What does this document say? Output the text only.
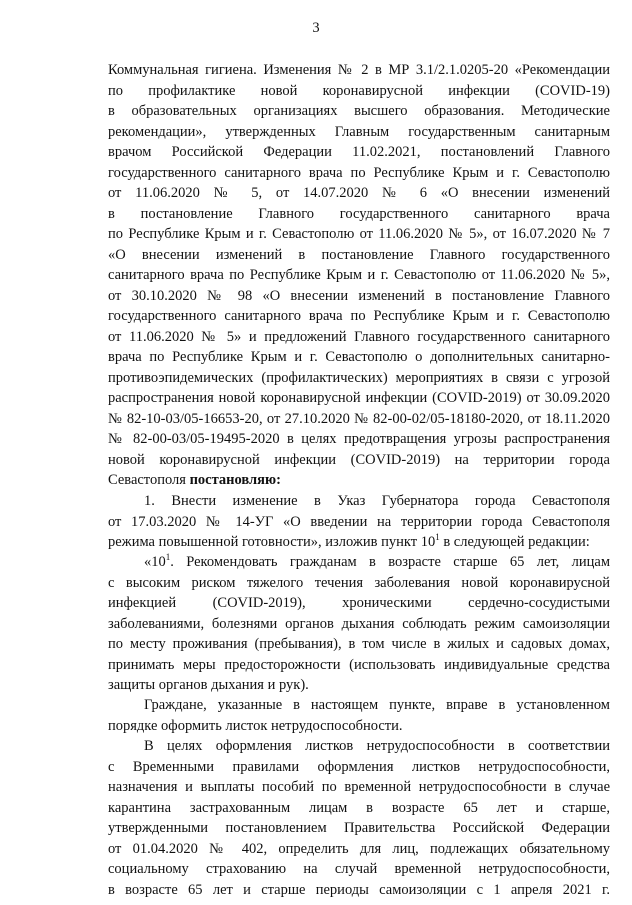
3
Коммунальная гигиена. Изменения № 2 в МР 3.1/2.1.0205-20 «Рекомендации
по профилактике новой коронавирусной инфекции (COVID-19)
в образовательных организациях высшего образования. Методические
рекомендации», утвержденных Главным государственным санитарным
врачом Российской Федерации 11.02.2021, постановлений Главного
государственного санитарного врача по Республике Крым и г. Севастополю
от 11.06.2020 № 5, от 14.07.2020 № 6 «О внесении изменений
в постановление Главного государственного санитарного врача
по Республике Крым и г. Севастополю от 11.06.2020 № 5», от 16.07.2020 № 7
«О внесении изменений в постановление Главного государственного
санитарного врача по Республике Крым и г. Севастополю от 11.06.2020 № 5»,
от 30.10.2020 № 98 «О внесении изменений в постановление Главного
государственного санитарного врача по Республике Крым и г. Севастополю
от 11.06.2020 № 5» и предложений Главного государственного санитарного
врача по Республике Крым и г. Севастополю о дополнительных санитарно-
противоэпидемических (профилактических) мероприятиях в связи с угрозой
распространения новой коронавирусной инфекции (COVID-2019) от 30.09.2020
№ 82-10-03/05-16653-20, от 27.10.2020 № 82-00-02/05-18180-2020, от 18.11.2020
№ 82-00-03/05-19495-2020 в целях предотвращения угрозы распространения
новой коронавирусной инфекции (COVID-2019) на территории города
Севастополя постановляю:
1. Внести изменение в Указ Губернатора города Севастополя
от 17.03.2020 № 14-УГ «О введении на территории города Севастополя
режима повышенной готовности», изложив пункт $10^1$ в следующей редакции:
«$10^1$. Рекомендовать гражданам в возрасте старше 65 лет, лицам
с высоким риском тяжелого течения заболевания новой коронавирусной
инфекцией (COVID-2019), хроническими сердечно-сосудистыми
заболеваниями, болезнями органов дыхания соблюдать режим самоизоляции
по месту проживания (пребывания), в том числе в жилых и садовых домах,
принимать меры предосторожности (использовать индивидуальные средства
защиты органов дыхания и рук).
Граждане, указанные в настоящем пункте, вправе в установленном
порядке оформить листок нетрудоспособности.
В целях оформления листков нетрудоспособности в соответствии
с Временными правилами оформления листков нетрудоспособности,
назначения и выплаты пособий по временной нетрудоспособности в случае
карантина застрахованным лицам в возрасте 65 лет и старше,
утвержденными постановлением Правительства Российской Федерации
от 01.04.2020 № 402, определить для лиц, подлежащих обязательному
социальному страхованию на случай временной нетрудоспособности,
в возрасте 65 лет и старше периоды самоизоляции с 1 апреля 2021 г.
